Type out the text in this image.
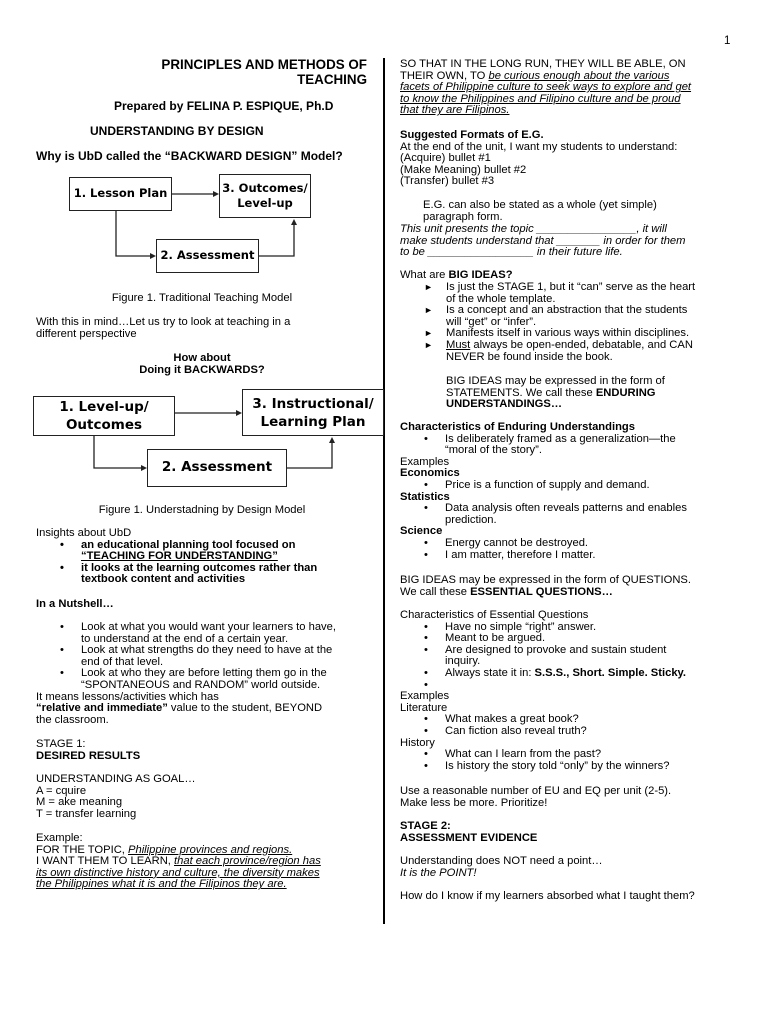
1
PRINCIPLES AND METHODS OF
TEACHING
Prepared by FELINA P. ESPIQUE, Ph.D
UNDERSTANDING BY DESIGN
Why is UbD called the “BACKWARD DESIGN” Model?
1. Lesson Plan	3. Outcomes/
Level-up
2. Assessment
Figure 1. Traditional Teaching Model
With this in mind…Let us try to look at teaching in a
different perspective
How about
Doing it BACKWARDS?
1. Level-up/
Outcomes
3. Instructional/
Learning Plan
2. Assessment
Figure 1. Understadning by Design Model
Insights about UbD
• an educational planning tool focused on
“TEACHING FOR UNDERSTANDING”
• it looks at the learning outcomes rather than
textbook content and activities
In a Nutshell…
• Look at what you would want your learners to have,
to understand at the end of a certain year.
• Look at what strengths do they need to have at the
end of that level.
• Look at who they are before letting them go in the
“SPONTANEOUS and RANDOM” world outside.
It means lessons/activities which has
“relative and immediate” value to the student, BEYOND
the classroom.
STAGE 1:
DESIRED RESULTS
UNDERSTANDING AS GOAL…
A = cquire
M = ake meaning
T = transfer learning
Example:
FOR THE TOPIC, Philippine provinces and regions.
I WANT THEM TO LEARN, that each province/region has
its own distinctive history and culture, the diversity makes
the Philippines what it is and the Filipinos they are.
SO THAT IN THE LONG RUN, THEY WILL BE ABLE, ON
THEIR OWN, TO be curious enough about the various
facets of Philippine culture to seek ways to explore and get
to know the Philippines and Filipino culture and be proud
that they are Filipinos.
Suggested Formats of E.G.
At the end of the unit, I want my students to understand:
(Acquire) bullet #1
(Make Meaning) bullet #2
(Transfer) bullet #3
E.G. can also be stated as a whole (yet simple)
paragraph form.
This unit presents the topic ________________, it will
make students understand that _______ in order for them
to be _________________ in their future life.
What are BIG IDEAS?
► Is just the STAGE 1, but it “can” serve as the heart
of the whole template.
► Is a concept and an abstraction that the students
will “get” or “infer”.
► Manifests itself in various ways within disciplines.
► Must always be open-ended, debatable, and CAN
NEVER be found inside the book.
BIG IDEAS may be expressed in the form of
STATEMENTS. We call these ENDURING
UNDERSTANDINGS…
Characteristics of Enduring Understandings
• Is deliberately framed as a generalization—the
“moral of the story”.
Examples
Economics
• Price is a function of supply and demand.
Statistics
• Data analysis often reveals patterns and enables
prediction.
Science
• Energy cannot be destroyed.
• I am matter, therefore I matter.
BIG IDEAS may be expressed in the form of QUESTIONS.
We call these ESSENTIAL QUESTIONS…
Characteristics of Essential Questions
• Have no simple “right” answer.
• Meant to be argued.
• Are designed to provoke and sustain student
inquiry.
• Always state it in: S.S.S., Short. Simple. Sticky.
•

Examples
Literature
• What makes a great book?
• Can fiction also reveal truth?
History
• What can I learn from the past?
• Is history the story told “only” by the winners?
Use a reasonable number of EU and EQ per unit (2-5).
Make less be more. Prioritize!
STAGE 2:
ASSESSMENT EVIDENCE
Understanding does NOT need a point…
It is the POINT!
How do I know if my learners absorbed what I taught them?
